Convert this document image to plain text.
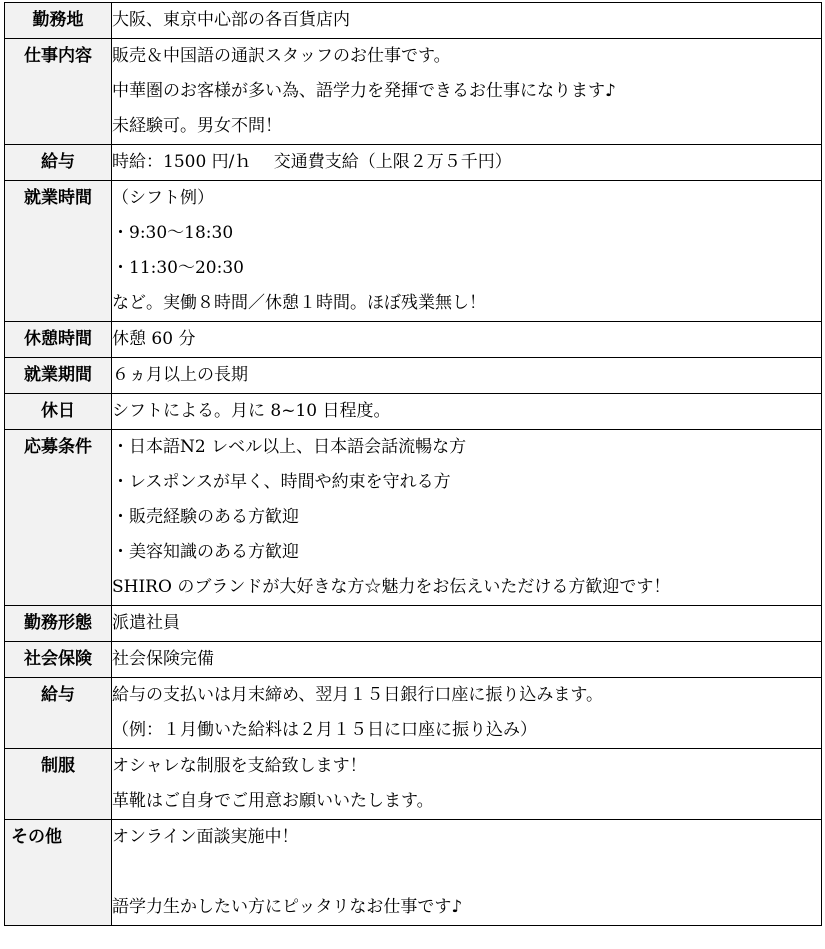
勤務地	大阪、東京中心部の各百貨店内

仕事内容	販売＆中国語の通訳スタッフのお仕事です。
中華圏のお客様が多い為、語学力を発揮できるお仕事になります♪
未経験可。男女不問！

給与	時給：1500 円/ｈ　 交通費支給（上限２万５千円）

就業時間	（シフト例）
・9:30〜18:30
・11:30〜20:30
など。実働８時間／休憩１時間。ほぼ残業無し！

休憩時間	休憩 60 分

就業期間	６ヵ月以上の長期

休日	シフトによる。月に 8~10 日程度。

応募条件	・日本語N2 レベル以上、日本語会話流暢な方
・レスポンスが早く、時間や約束を守れる方
・販売経験のある方歓迎
・美容知識のある方歓迎
SHIRO のブランドが大好きな方☆魅力をお伝えいただける方歓迎です！

勤務形態	派遣社員

社会保険	社会保険完備

給与	給与の支払いは月末締め、翌月１５日銀行口座に振り込みます。
（例：１月働いた給料は２月１５日に口座に振り込み）

制服	オシャレな制服を支給致します！
革靴はご自身でご用意お願いいたします。

その他	オンライン面談実施中！
語学力生かしたい方にピッタリなお仕事です♪
